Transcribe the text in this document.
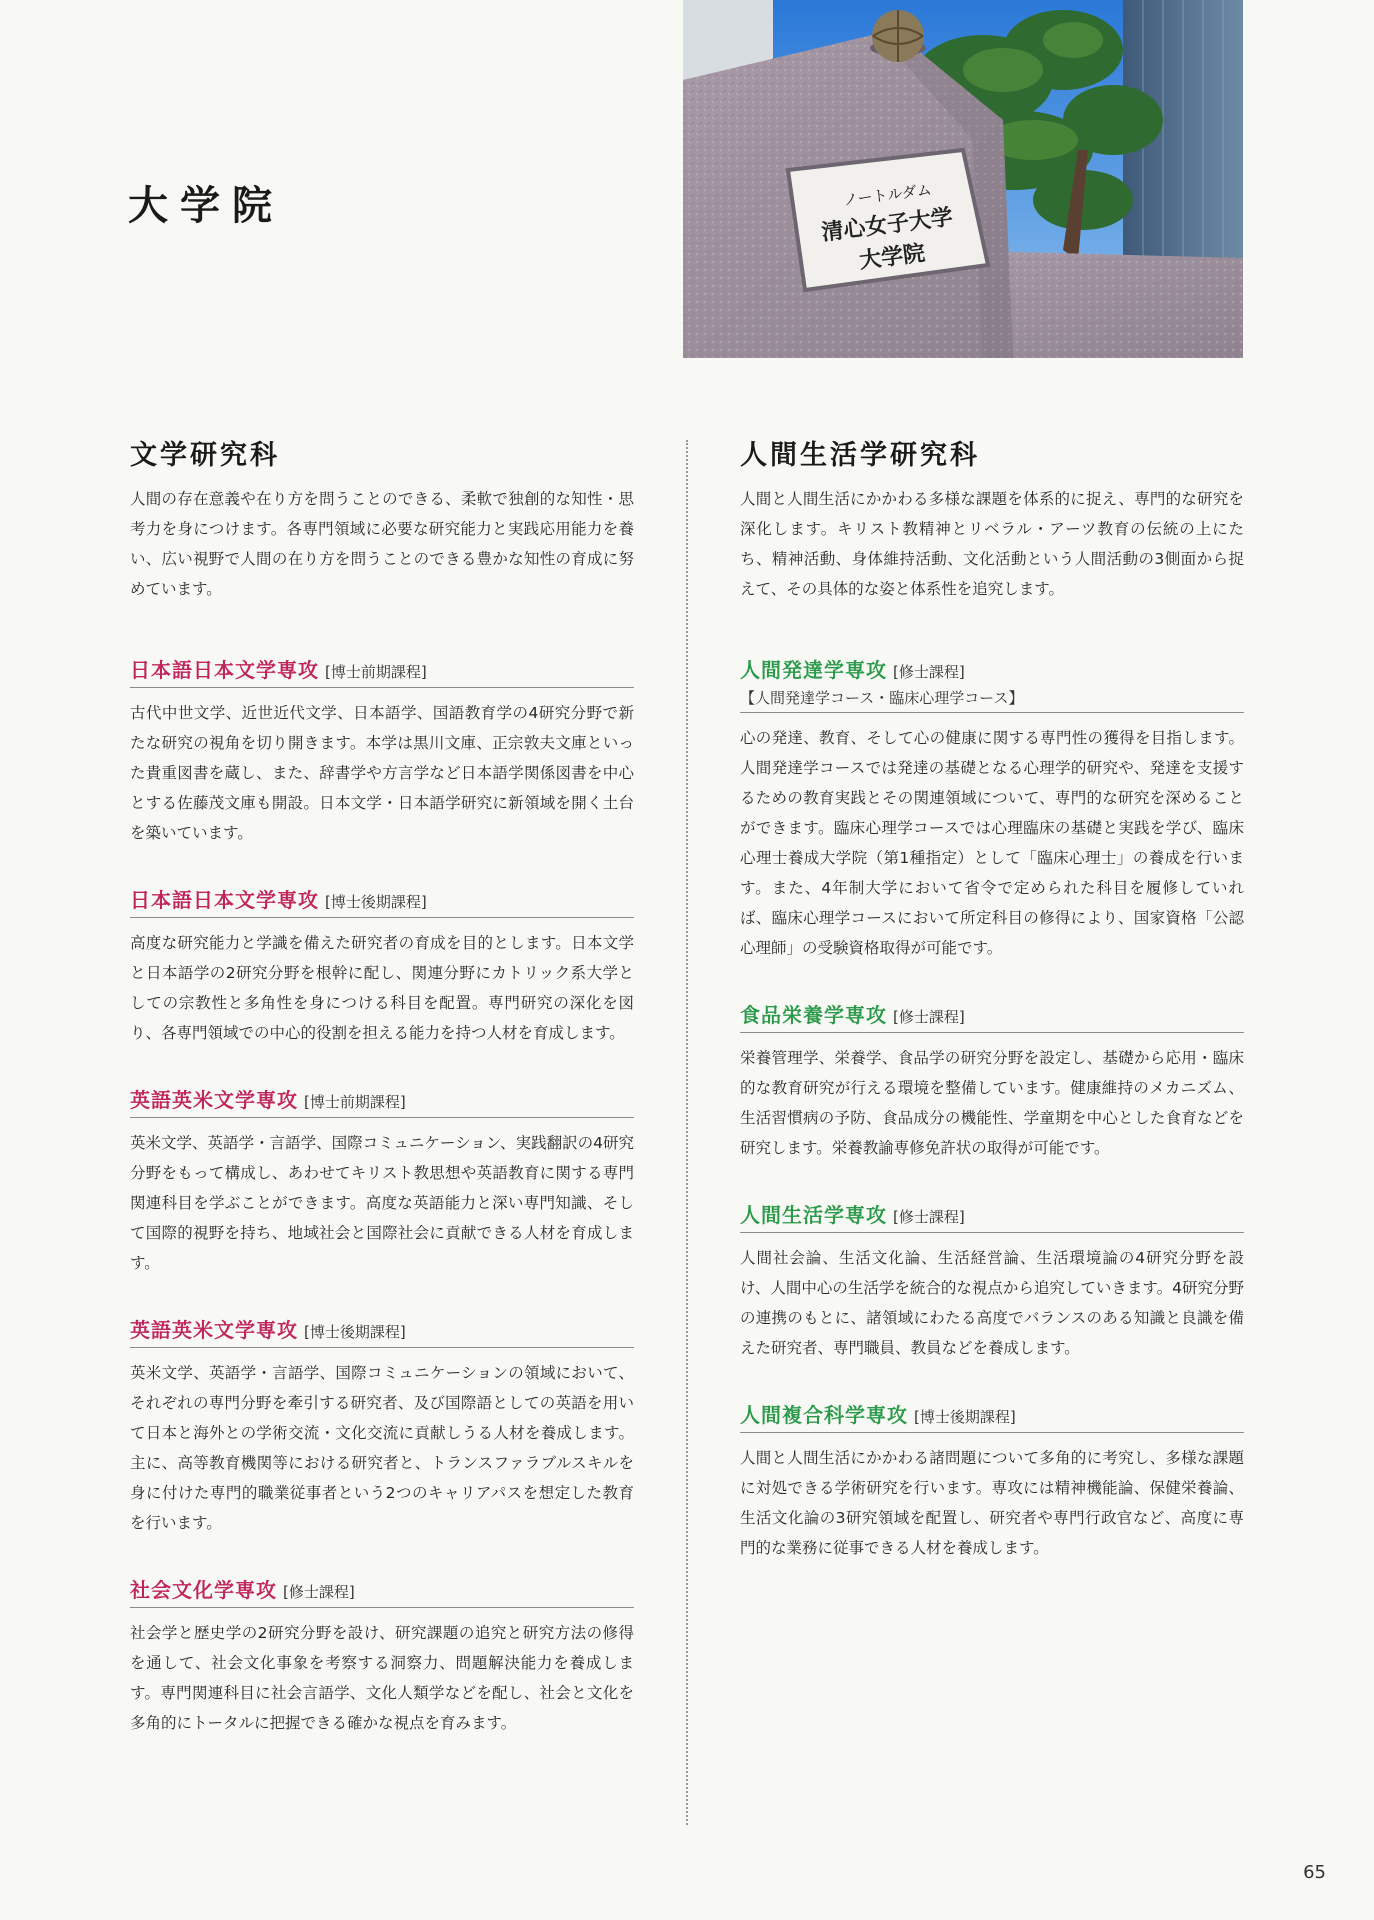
大学院	ノートルダム
清心女子大学
大学院
文学研究科

人間の存在意義や在り方を問うことのできる、柔軟で独創的な知性・思考力を身につけます。各専門領域に必要な研究能力と実践応用能力を養い、広い視野で人間の在り方を問うことのできる豊かな知性の育成に努めています。

日本語日本文学専攻 [博士前期課程]

古代中世文学、近世近代文学、日本語学、国語教育学の4研究分野で新たな研究の視角を切り開きます。本学は黒川文庫、正宗敦夫文庫といった貴重図書を蔵し、また、辞書学や方言学など日本語学関係図書を中心とする佐藤茂文庫も開設。日本文学・日本語学研究に新領域を開く土台を築いています。

日本語日本文学専攻 [博士後期課程]

高度な研究能力と学識を備えた研究者の育成を目的とします。日本文学と日本語学の2研究分野を根幹に配し、関連分野にカトリック系大学としての宗教性と多角性を身につける科目を配置。専門研究の深化を図り、各専門領域での中心的役割を担える能力を持つ人材を育成します。

英語英米文学専攻 [博士前期課程]

英米文学、英語学・言語学、国際コミュニケーション、実践翻訳の4研究分野をもって構成し、あわせてキリスト教思想や英語教育に関する専門関連科目を学ぶことができます。高度な英語能力と深い専門知識、そして国際的視野を持ち、地域社会と国際社会に貢献できる人材を育成します。

英語英米文学専攻 [博士後期課程]

英米文学、英語学・言語学、国際コミュニケーションの領域において、それぞれの専門分野を牽引する研究者、及び国際語としての英語を用いて日本と海外との学術交流・文化交流に貢献しうる人材を養成します。主に、高等教育機関等における研究者と、トランスファラブルスキルを身に付けた専門的職業従事者という2つのキャリアパスを想定した教育を行います。

社会文化学専攻 [修士課程]

社会学と歴史学の2研究分野を設け、研究課題の追究と研究方法の修得を通して、社会文化事象を考察する洞察力、問題解決能力を養成します。専門関連科目に社会言語学、文化人類学などを配し、社会と文化を多角的にトータルに把握できる確かな視点を育みます。

人間生活学研究科

人間と人間生活にかかわる多様な課題を体系的に捉え、専門的な研究を深化します。キリスト教精神とリベラル・アーツ教育の伝統の上にたち、精神活動、身体維持活動、文化活動という人間活動の3側面から捉えて、その具体的な姿と体系性を追究します。

人間発達学専攻 [修士課程]
【人間発達学コース・臨床心理学コース】

心の発達、教育、そして心の健康に関する専門性の獲得を目指します。人間発達学コースでは発達の基礎となる心理学的研究や、発達を支援するための教育実践とその関連領域について、専門的な研究を深めることができます。臨床心理学コースでは心理臨床の基礎と実践を学び、臨床心理士養成大学院（第1種指定）として「臨床心理士」の養成を行います。また、4年制大学において省令で定められた科目を履修していれば、臨床心理学コースにおいて所定科目の修得により、国家資格「公認心理師」の受験資格取得が可能です。

食品栄養学専攻 [修士課程]

栄養管理学、栄養学、食品学の研究分野を設定し、基礎から応用・臨床的な教育研究が行える環境を整備しています。健康維持のメカニズム、生活習慣病の予防、食品成分の機能性、学童期を中心とした食育などを研究します。栄養教諭専修免許状の取得が可能です。

人間生活学専攻 [修士課程]

人間社会論、生活文化論、生活経営論、生活環境論の4研究分野を設け、人間中心の生活学を統合的な視点から追究していきます。4研究分野の連携のもとに、諸領域にわたる高度でバランスのある知識と良識を備えた研究者、専門職員、教員などを養成します。

人間複合科学専攻 [博士後期課程]

人間と人間生活にかかわる諸問題について多角的に考究し、多様な課題に対処できる学術研究を行います。専攻には精神機能論、保健栄養論、生活文化論の3研究領域を配置し、研究者や専門行政官など、高度に専門的な業務に従事できる人材を養成します。

65
